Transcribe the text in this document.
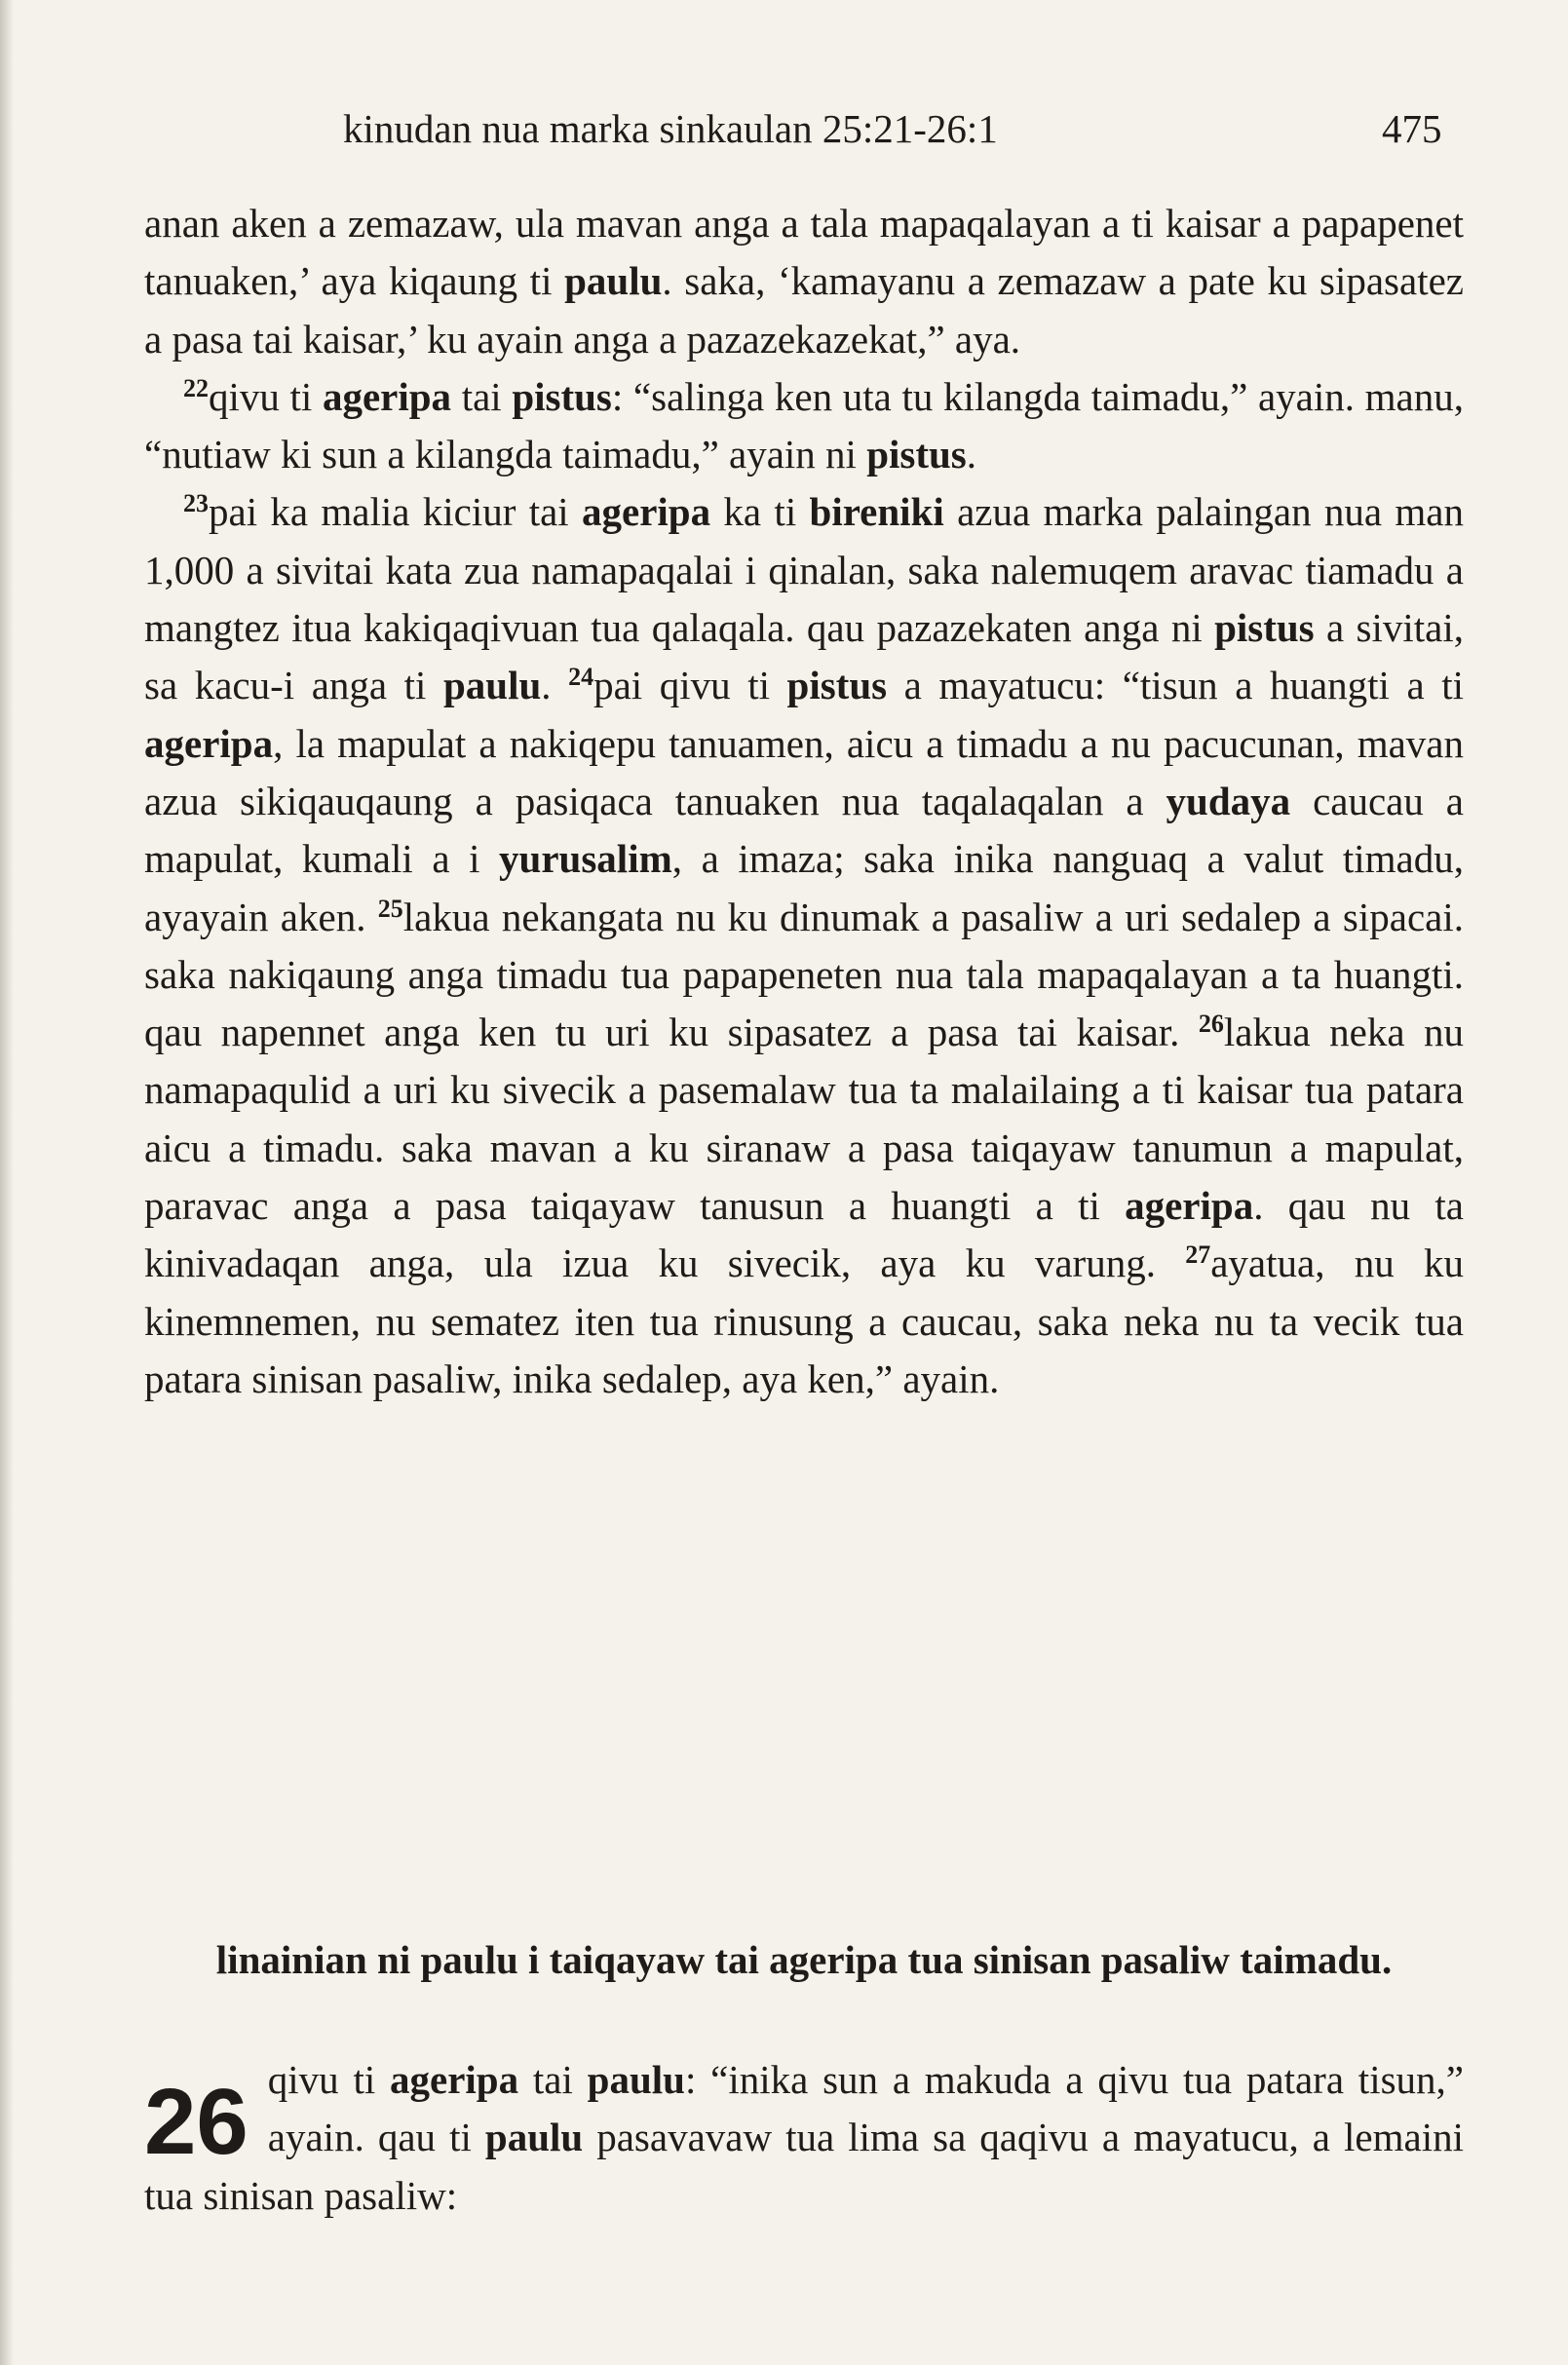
kinudan nua marka sinkaulan 25:21-26:1	475

anan aken a zemazaw, ula mavan anga a tala mapaqalayan a ti kaisar a papapenet tanuaken,’ aya kiqaung ti paulu. saka, ‘kamayanu a zemazaw a pate ku sipasatez a pasa tai kaisar,’ ku ayain anga a pazazekazekat,” aya.

$^{22}$qivu ti ageripa tai pistus: “salinga ken uta tu kilangda taimadu,” ayain. manu, “nutiaw ki sun a kilangda taimadu,” ayain ni pistus.

$^{23}$pai ka malia kiciur tai ageripa ka ti bireniki azua marka palaingan nua man 1,000 a sivitai kata zua namapaqalai i qinalan, saka nalemuqem aravac tiamadu a mangtez itua kakiqaqivuan tua qalaqala. qau pazazekaten anga ni pistus a sivitai, sa kacu-i anga ti paulu. $^{24}$pai qivu ti pistus a mayatucu: “tisun a huangti a ti ageripa, la mapulat a nakiqepu tanuamen, aicu a timadu a nu pacucunan, mavan azua sikiqauqaung a pasiqaca tanuaken nua taqalaqalan a yudaya caucau a mapulat, kumali a i yurusalim, a imaza; saka inika nanguaq a valut timadu, ayayain aken. $^{25}$lakua nekangata nu ku dinumak a pasaliw a uri sedalep a sipacai. saka nakiqaung anga timadu tua papapeneten nua tala mapaqalayan a ta huangti. qau napennet anga ken tu uri ku sipasatez a pasa tai kaisar. $^{26}$lakua neka nu namapaqulid a uri ku sivecik a pasemalaw tua ta malailaing a ti kaisar tua patara aicu a timadu. saka mavan a ku siranaw a pasa taiqayaw tanumun a mapulat, paravac anga a pasa taiqayaw tanusun a huangti a ti ageripa. qau nu ta kinivadaqan anga, ula izua ku sivecik, aya ku varung. $^{27}$ayatua, nu ku kinemnemen, nu sematez iten tua rinusung a caucau, saka neka nu ta vecik tua patara sinisan pasaliw, inika sedalep, aya ken,” ayain.

linainian ni paulu i taiqayaw tai ageripa tua sinisan pasaliw taimadu.
26 qivu ti ageripa tai paulu: “inika sun a makuda a qivu tua patara tisun,” ayain. qau ti paulu pasavavaw tua lima sa qaqivu a mayatucu, a lemaini tua sinisan pasaliw:
